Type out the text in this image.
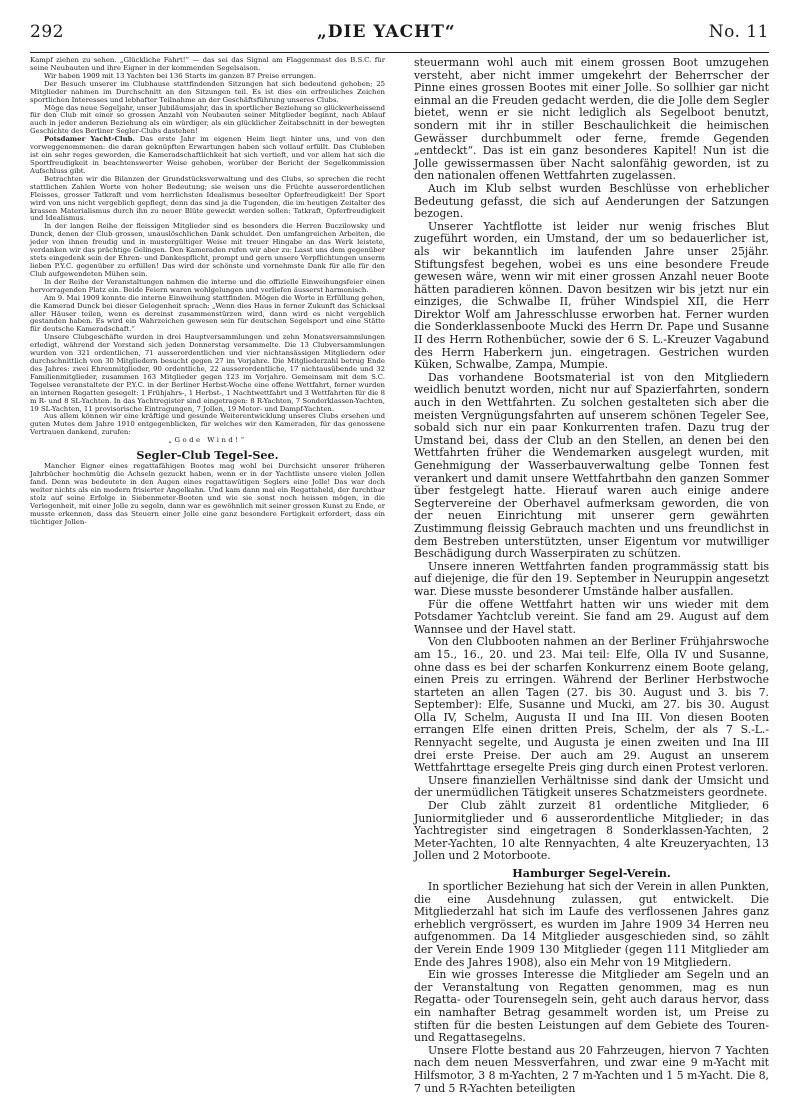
292	„DIE YACHT“	No. 11

Kampf ziehen zu sehen. „Glückliche Fahrt!“ — das sei das Signal am Flaggenmast des B.S.C. für seine Neubauten und ihre Eigner in der kommenden Segelsaison.

Wir haben 1909 mit 13 Yachten bei 136 Starts im ganzen 87 Preise errungen.

Der Besuch unserer im Clubhause stattfindenden Sitzungen hat sich bedeutend gehoben; 25 Mitglieder nahmen im Durchschnitt an den Sitzungen teil. Es ist dies ein erfreuliches Zeichen sportlichen Interesses und lebhafter Teilnahme an der Geschäftsführung unseres Clubs.

Möge das neue Segeljahr, unser Jubiläumsjahr, das in sportlicher Beziehung so glückverheissend für den Club mit einer so grossen Anzahl von Neubauten seiner Mitglieder beginnt, nach Ablauf auch in jeder anderen Beziehung als ein würdiger, als ein glücklicher Zeitabschnitt in der bewegten Geschichte des Berliner Segler-Clubs dastehen!

Potsdamer Yacht-Club. Das erste Jahr im eigenen Heim liegt hinter uns, und von den vorweggenommenen: die daran geknüpften Erwartungen haben sich vollauf erfüllt. Das Clubleben ist ein sehr reges geworden, die Kameradschaftlichkeit hat sich vertieft, und vor allem hat sich die Sportfreudigkeit in beachtenswerter Weise gehoben, worüber der Bericht der Segelkommission Aufschluss gibt.

Betrachten wir die Bilanzen der Grundstücksverwaltung und des Clubs, so sprechen die recht stattlichen Zahlen Worte von hoher Bedeutung; sie weisen uns die Früchte ausserordentlichen Fleisses, grosser Tatkraft und vom herrlichsten Idealismus beseelter Opferfreudigkeit! Der Sport wird von uns nicht vergeblich gepflegt, denn das sind ja die Tugenden, die im heutigen Zeitalter des krassen Materialismus durch ihn zu neuer Blüte geweckt werden sollen: Tatkraft, Opferfreudigkeit und Idealismus.

In der langen Reihe der fleissigen Mitglieder sind es besonders die Herren Buczilowsky und Dunck, denen der Club grossen, unauslöschlichen Dank schuldet. Den umfangreichen Arbeiten, die jeder von ihnen freudig und in mustergültiger Weise mit treuer Hingabe an das Werk leistete, verdanken wir das prächtige Gelingen. Den Kameraden rufen wir aber zu: Lasst uns dem gegenüber stets eingedenk sein der Ehren- und Dankespflicht, prompt und gern unsere Verpflichtungen unserm lieben P.Y.C. gegenüber zu erfüllen! Das wird der schönste und vornehmste Dank für alle für den Club aufgewendeten Mühen sein.

In der Reihe der Veranstaltungen nahmen die interne und die offizielle Einweihungsfeier einen hervorragenden Platz ein. Beide Feiern waren wohlgelungen und verliefen äusserst harmonisch.

Am 9. Mai 1909 konnte die interne Einweihung stattfinden. Mögen die Worte in Erfüllung gehen, die Kamerad Dunck bei dieser Gelegenheit sprach: „Wenn dies Haus in ferner Zukunft das Schicksal aller Häuser teilen, wenn es dereinst zusammenstürzen wird, dann wird es nicht vergeblich gestanden haben. Es wird ein Wahrzeichen gewesen sein für deutschen Segelsport und eine Stätte für deutsche Kameradschaft.“

Unsere Clubgeschäfte wurden in drei Hauptversammlungen und zehn Monatsversammlungen erledigt, während der Vorstand sich jeden Donnerstag versammelte. Die 13 Clubversammlungen wurden von 321 ordentlichen, 71 ausserordentlichen und vier nichtansässigen Mitgliedern oder durchschnittlich von 30 Mitgliedern besucht gegen 27 im Vorjahre. Die Mitgliederzahl betrug Ende des Jahres: zwei Ehrenmitglieder, 90 ordentliche, 22 ausserordentliche, 17 nichtausübende und 32 Familienmitglieder, zusammen 163 Mitglieder gegen 123 im Vorjahre. Gemeinsam mit dem S.C. Tegelsee veranstaltete der P.Y.C. in der Berliner Herbst-Woche eine offene Wettfahrt, ferner wurden an internen Regatten gesegelt: 1 Frühjahrs-, 1 Herbst-, 1 Nachtwettfahrt und 3 Wettfahrten für die 8 m R- und 8 SL-Yachten. In das Yachtregister sind eingetragen: 8 R-Yachten, 7 Sonderklassen-Yachten, 19 SL-Yachten, 11 provisorische Eintragungen, 7 Jollen, 19 Motor- und Dampf-Yachten.

Aus allem können wir eine kräftige und gesunde Weiterentwicklung unseres Clubs ersehen und guten Mutes dem Jahre 1910 entgegenblicken, für welches wir den Kameraden, für das genossene Vertrauen dankend, zurufen:

„Gode Wind!“

Segler-Club Tegel-See.

Mancher Eigner eines regattafähigen Bootes mag wohl bei Durchsicht unserer früheren Jahrbücher hochmütig die Achseln gezuckt haben, wenn er in der Yachtliste unsere vielen Jollen fand. Denn was bedeutete in den Augen eines regattawütigen Seglers eine Jolle! Das war doch weiter nichts als ein modern frisierter Angelkahn. Und kam dann mal ein Regattaheld, der furchtbar stolz auf seine Erfolge in Siebenmeter-Booten und wie sie sonst noch heissen mögen, in die Verlegenheit, mit einer Jolle zu segeln, dann war es gewöhnlich mit seiner grossen Kunst zu Ende, er musste erkennen, dass das Steuern einer Jolle eine ganz besondere Fertigkeit erfordert, dass ein tüchtiger Jollen-

steuermann wohl auch mit einem grossen Boot umzugehen versteht, aber nicht immer umgekehrt der Beherrscher der Pinne eines grossen Bootes mit einer Jolle. So sollhier gar nicht einmal an die Freuden gedacht werden, die die Jolle dem Segler bietet, wenn er sie nicht lediglich als Segelboot benutzt, sondern mit ihr in stiller Beschaulichkeit die heimischen Gewässer durchbummelt oder ferne, fremde Gegenden „entdeckt“. Das ist ein ganz besonderes Kapitel! Nun ist die Jolle gewissermassen über Nacht salonfähig geworden, ist zu den nationalen offenen Wettfahrten zugelassen.

Auch im Klub selbst wurden Beschlüsse von erheblicher Bedeutung gefasst, die sich auf Aenderungen der Satzungen bezogen.

Unserer Yachtflotte ist leider nur wenig frisches Blut zugeführt worden, ein Umstand, der um so bedauerlicher ist, als wir bekanntlich im laufenden Jahre unser 25jähr. Stiftungsfest begehen, wobei es uns eine besondere Freude gewesen wäre, wenn wir mit einer grossen Anzahl neuer Boote hätten paradieren können. Davon besitzen wir bis jetzt nur ein einziges, die Schwalbe II, früher Windspiel XII, die Herr Direktor Wolf am Jahresschlusse erworben hat. Ferner wurden die Sonderklassenboote Mucki des Herrn Dr. Pape und Susanne II des Herrn Rothenbücher, sowie der 6 S. L.-Kreuzer Vagabund des Herrn Haberkern jun. eingetragen. Gestrichen wurden Küken, Schwalbe, Zampa, Mumpie.

Das vorhandene Bootsmaterial ist von den Mitgliedern weidlich benutzt worden, nicht nur auf Spazierfahrten, sondern auch in den Wettfahrten. Zu solchen gestalteten sich aber die meisten Vergnügungsfahrten auf unserem schönen Tegeler See, sobald sich nur ein paar Konkurrenten trafen. Dazu trug der Umstand bei, dass der Club an den Stellen, an denen bei den Wettfahrten früher die Wendemarken ausgelegt wurden, mit Genehmigung der Wasserbauverwaltung gelbe Tonnen fest verankert und damit unsere Wettfahrtbahn den ganzen Sommer über festgelegt hatte. Hierauf waren auch einige andere Segtervereine der Oberhavel aufmerksam geworden, die von der neuen Einrichtung mit unserer gern gewährten Zustimmung fleissig Gebrauch machten und uns freundlichst in dem Bestreben unterstützten, unser Eigentum vor mutwilliger Beschädigung durch Wasserpiraten zu schützen.

Unsere inneren Wettfahrten fanden programmässig statt bis auf diejenige, die für den 19. September in Neuruppin angesetzt war. Diese musste besonderer Umstände halber ausfallen.

Für die offene Wettfahrt hatten wir uns wieder mit dem Potsdamer Yachtclub vereint. Sie fand am 29. August auf dem Wannsee und der Havel statt.

Von den Clubbooten nahmen an der Berliner Frühjahrswoche am 15., 16., 20. und 23. Mai teil: Elfe, Olla IV und Susanne, ohne dass es bei der scharfen Konkurrenz einem Boote gelang, einen Preis zu erringen. Während der Berliner Herbstwoche starteten an allen Tagen (27. bis 30. August und 3. bis 7. September): Elfe, Susanne und Mucki, am 27. bis 30. August Olla IV, Schelm, Augusta II und Ina III. Von diesen Booten errangen Elfe einen dritten Preis, Schelm, der als 7 S.-L.-Rennyacht segelte, und Augusta je einen zweiten und Ina III drei erste Preise. Der auch am 29. August an unserem Wettfahrttage ersegelte Preis ging durch einen Protest verloren.

Unsere finanziellen Verhältnisse sind dank der Umsicht und der unermüdlichen Tätigkeit unseres Schatzmeisters geordnete.

Der Club zählt zurzeit 81 ordentliche Mitglieder, 6 Juniormitglieder und 6 ausserordentliche Mitglieder; in das Yachtregister sind eingetragen 8 Sonderklassen-Yachten, 2 Meter-Yachten, 10 alte Rennyachten, 4 alte Kreuzeryachten, 13 Jollen und 2 Motorboote.

Hamburger Segel-Verein.

In sportlicher Beziehung hat sich der Verein in allen Punkten, die eine Ausdehnung zulassen, gut entwickelt. Die Mitgliederzahl hat sich im Laufe des verflossenen Jahres ganz erheblich vergrössert, es wurden im Jahre 1909 34 Herren neu aufgenommen. Da 14 Mitglieder ausgeschieden sind, so zählt der Verein Ende 1909 130 Mitglieder (gegen 111 Mitglieder am Ende des Jahres 1908), also ein Mehr von 19 Mitgliedern.

Ein wie grosses Interesse die Mitglieder am Segeln und an der Veranstaltung von Regatten genommen, mag es nun Regatta- oder Tourensegeln sein, geht auch daraus hervor, dass ein namhafter Betrag gesammelt worden ist, um Preise zu stiften für die besten Leistungen auf dem Gebiete des Touren- und Regattasegelns.

Unsere Flotte bestand aus 20 Fahrzeugen, hiervon 7 Yachten nach dem neuen Messverfahren, und zwar eine 9 m-Yacht mit Hilfsmotor, 3 8 m-Yachten, 2 7 m-Yachten und 1 5 m-Yacht. Die 8, 7 und 5 R-Yachten beteiligten
